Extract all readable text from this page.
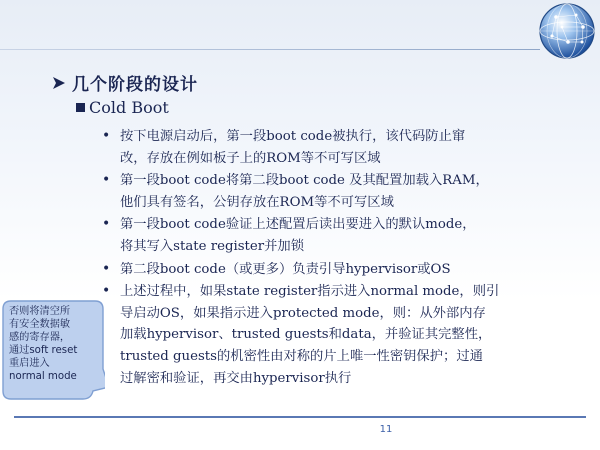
几个阶段的设计
Cold Boot
• 按下电源启动后，第一段boot code被执行，该代码防止窜
改，存放在例如板子上的ROM等不可写区域
• 第一段boot code将第二段boot code 及其配置加载入RAM，
他们具有签名，公钥存放在ROM等不可写区域
• 第一段boot code验证上述配置后读出要进入的默认mode，
将其写入state register并加锁
• 第二段boot code（或更多）负责引导hypervisor或OS
• 上述过程中，如果state register指示进入normal mode，则引
导启动OS，如果指示进入protected mode，则：从外部内存
加载hypervisor、trusted guests和data，并验证其完整性，
trusted guests的机密性由对称的片上唯一性密钥保护；过通
过解密和验证，再交由hypervisor执行
否则将清空所
有安全数据敏
感的寄存器，
通过soft reset
重启进入
normal mode
11
